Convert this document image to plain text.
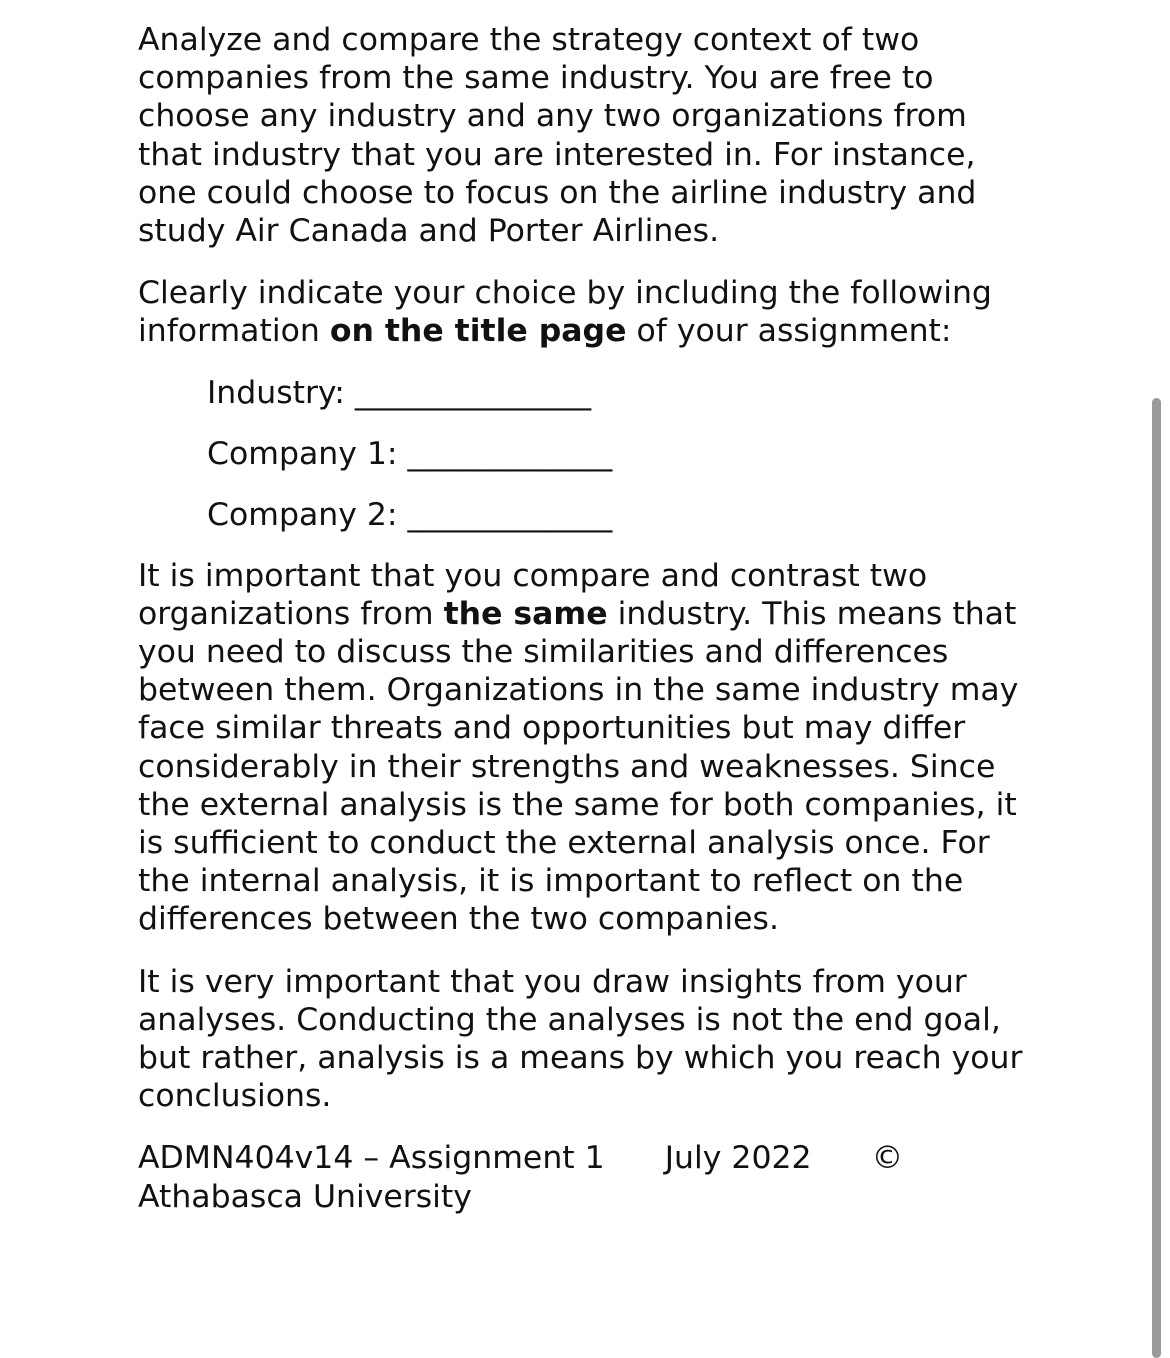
Analyze and compare the strategy context of two companies from the same industry. You are free to choose any industry and any two organizations from that industry that you are interested in. For instance, one could choose to focus on the airline industry and study Air Canada and Porter Airlines.

Clearly indicate your choice by including the following information on the title page of your assignment:

Industry: _______________

Company 1: _____________

Company 2: _____________

It is important that you compare and contrast two organizations from the same industry. This means that you need to discuss the similarities and differences between them. Organizations in the same industry may face similar threats and opportunities but may differ considerably in their strengths and weaknesses. Since the external analysis is the same for both companies, it is sufficient to conduct the external analysis once. For the internal analysis, it is important to reflect on the differences between the two companies.

It is very important that you draw insights from your analyses. Conducting the analyses is not the end goal, but rather, analysis is a means by which you reach your conclusions.

ADMN404v14 – Assignment 1 July 2022 ©

Athabasca University
